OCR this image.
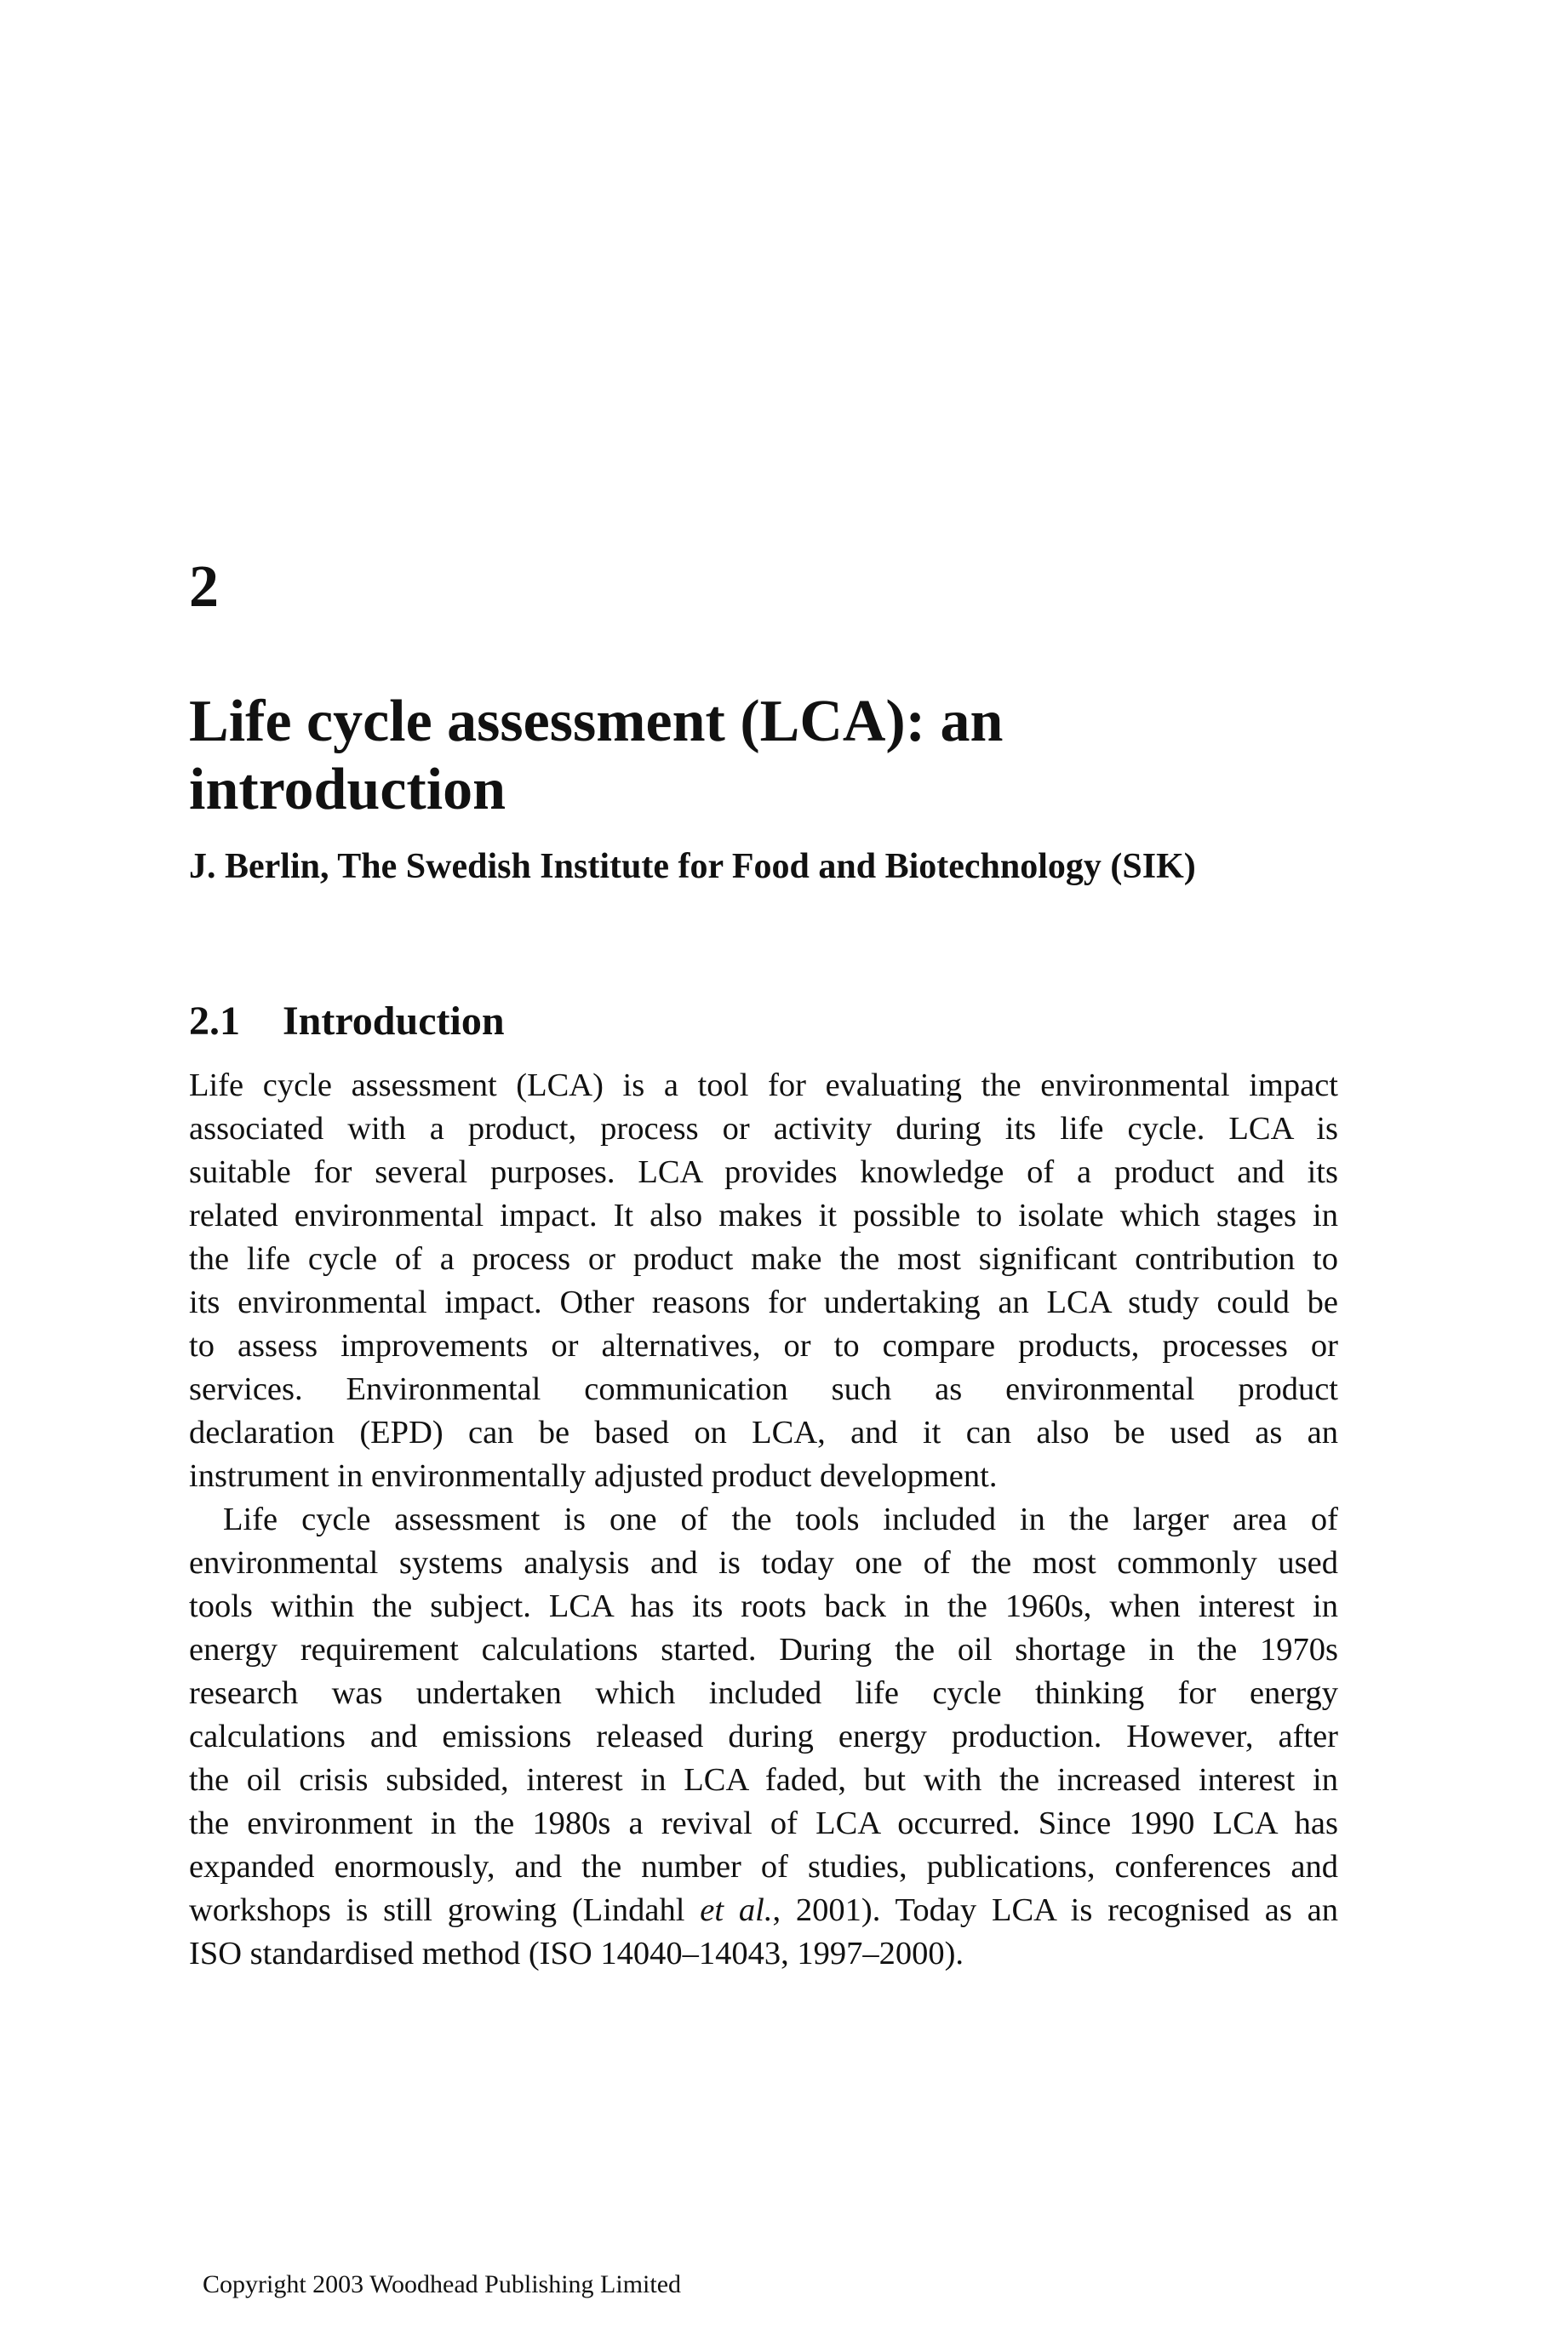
2
Life cycle assessment (LCA): an
introduction
J. Berlin, The Swedish Institute for Food and Biotechnology (SIK)
2.1 Introduction

Life cycle assessment (LCA) is a tool for evaluating the environmental impact
associated with a product, process or activity during its life cycle. LCA is
suitable for several purposes. LCA provides knowledge of a product and its
related environmental impact. It also makes it possible to isolate which stages in
the life cycle of a process or product make the most significant contribution to
its environmental impact. Other reasons for undertaking an LCA study could be
to assess improvements or alternatives, or to compare products, processes or
services. Environmental communication such as environmental product
declaration (EPD) can be based on LCA, and it can also be used as an
instrument in environmentally adjusted product development.

Life cycle assessment is one of the tools included in the larger area of
environmental systems analysis and is today one of the most commonly used
tools within the subject. LCA has its roots back in the 1960s, when interest in
energy requirement calculations started. During the oil shortage in the 1970s
research was undertaken which included life cycle thinking for energy
calculations and emissions released during energy production. However, after
the oil crisis subsided, interest in LCA faded, but with the increased interest in
the environment in the 1980s a revival of LCA occurred. Since 1990 LCA has
expanded enormously, and the number of studies, publications, conferences and
workshops is still growing (Lindahl et al., 2001). Today LCA is recognised as an
ISO standardised method (ISO 14040–14043, 1997–2000).

Copyright 2003 Woodhead Publishing Limited
